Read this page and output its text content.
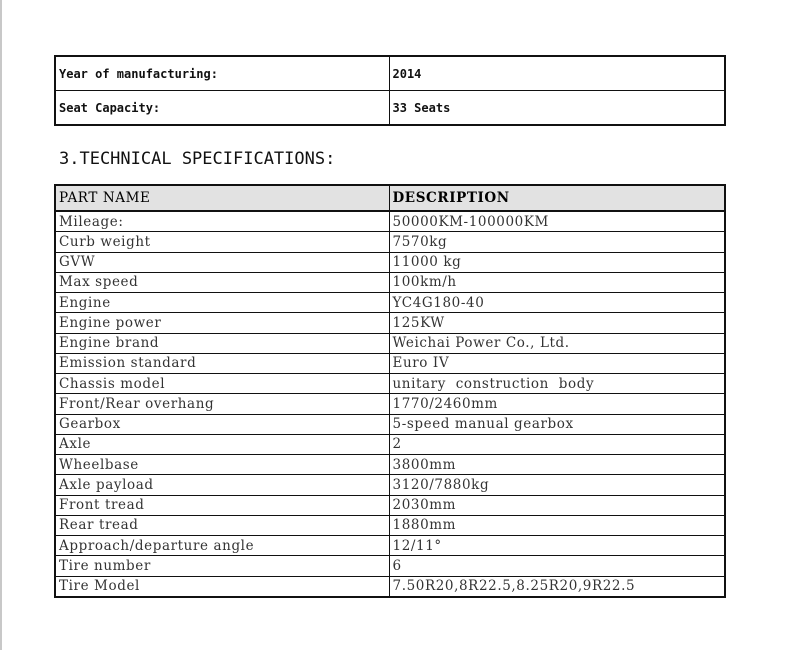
Year of manufacturing:	2014
Seat Capacity:	33 Seats
3.TECHNICAL SPECIFICATIONS:
PART NAME	DESCRIPTION
Mileage:	50000KM-100000KM
Curb weight	7570kg
GVW	11000 kg
Max speed	100km/h
Engine	YC4G180-40
Engine power	125KW
Engine brand	Weichai Power Co., Ltd.
Emission standard	Euro IV
Chassis model	unitary  construction  body
Front/Rear overhang	1770/2460mm
Gearbox	5-speed manual gearbox
Axle	2
Wheelbase	3800mm
Axle payload	3120/7880kg
Front tread	2030mm
Rear tread	1880mm
Approach/departure angle	12/11°
Tire number	6
Tire Model	7.50R20,8R22.5,8.25R20,9R22.5
